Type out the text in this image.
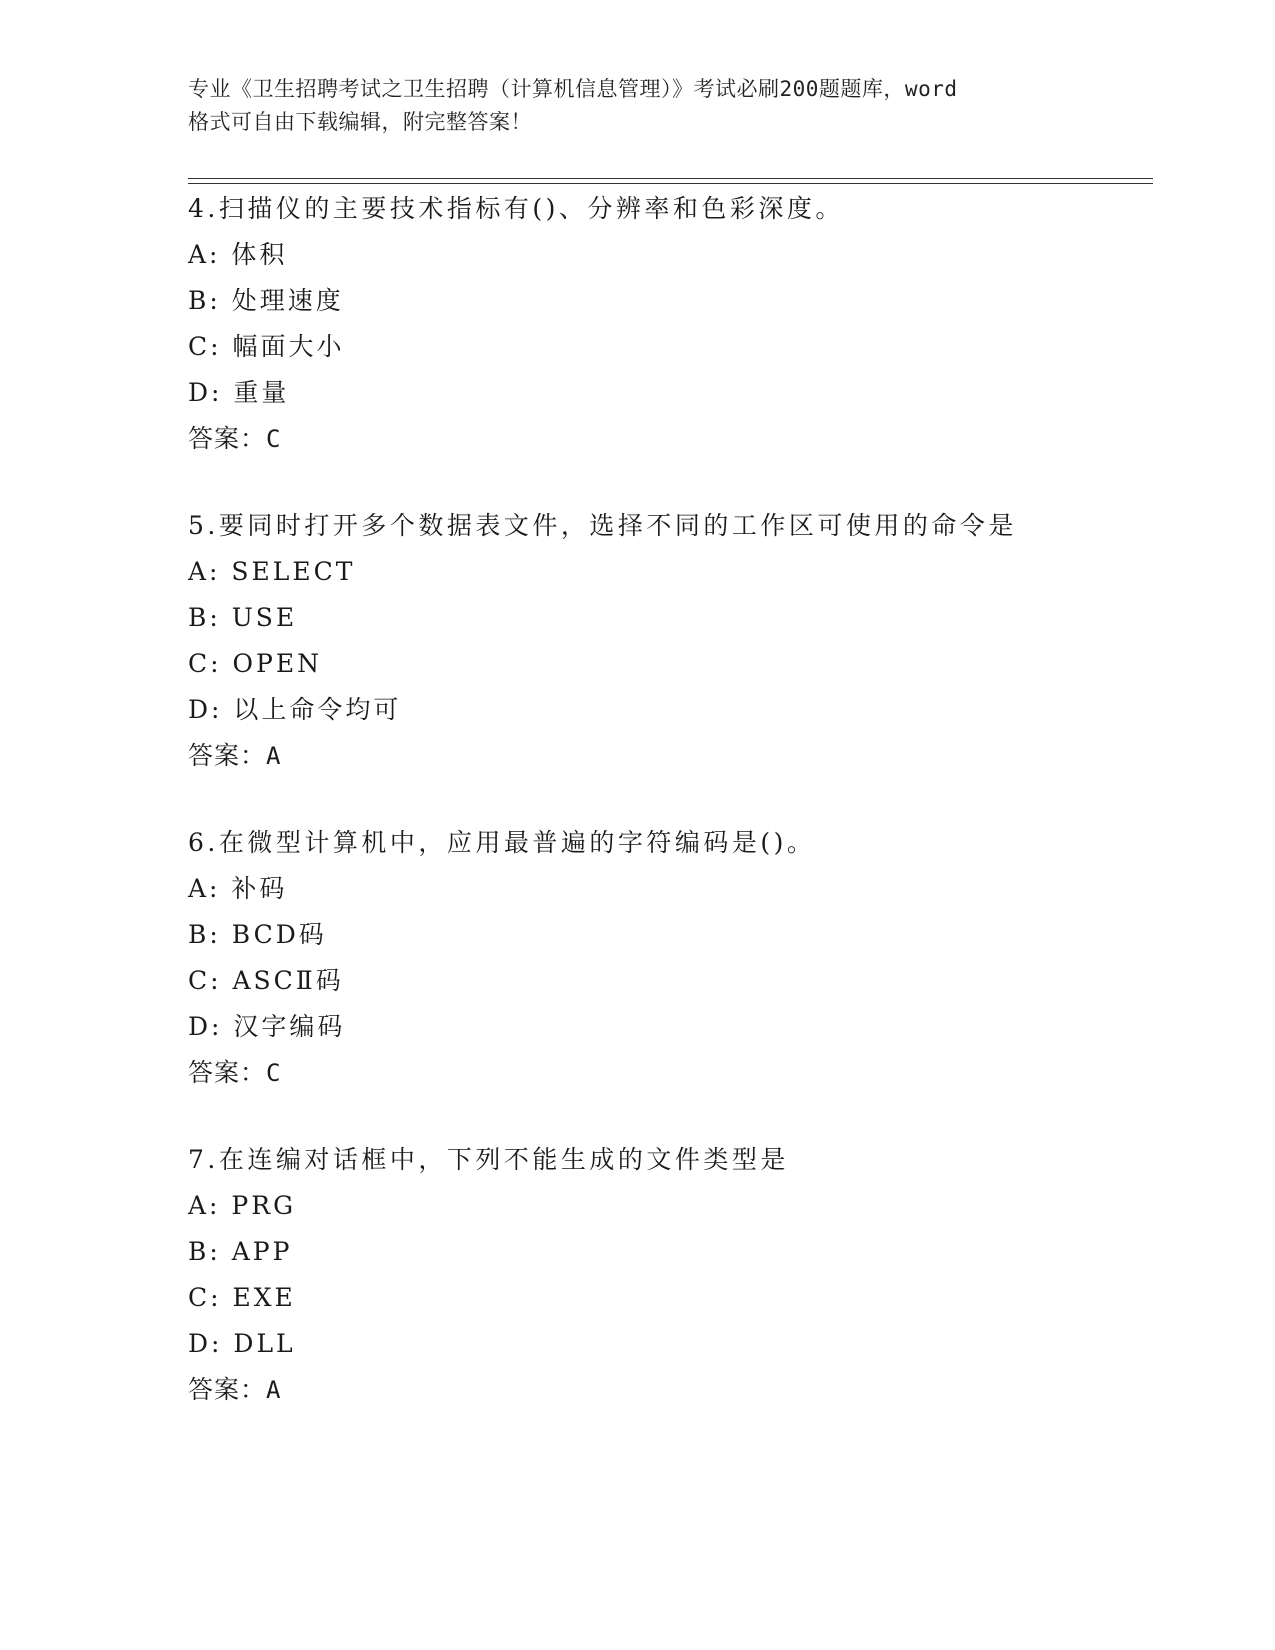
专业《卫生招聘考试之卫生招聘（计算机信息管理）》考试必刷200题题库，word
格式可自由下载编辑，附完整答案！
4.扫描仪的主要技术指标有()、分辨率和色彩深度。
A: 体积
B: 处理速度
C: 幅面大小
D: 重量
答案：C
5.要同时打开多个数据表文件，选择不同的工作区可使用的命令是
A: SELECT
B: USE
C: OPEN
D: 以上命令均可
答案：A
6.在微型计算机中，应用最普遍的字符编码是()。
A: 补码
B: BCD码
C: ASCⅡ码
D: 汉字编码
答案：C
7.在连编对话框中，下列不能生成的文件类型是
A: PRG
B: APP
C: EXE
D: DLL
答案：A
